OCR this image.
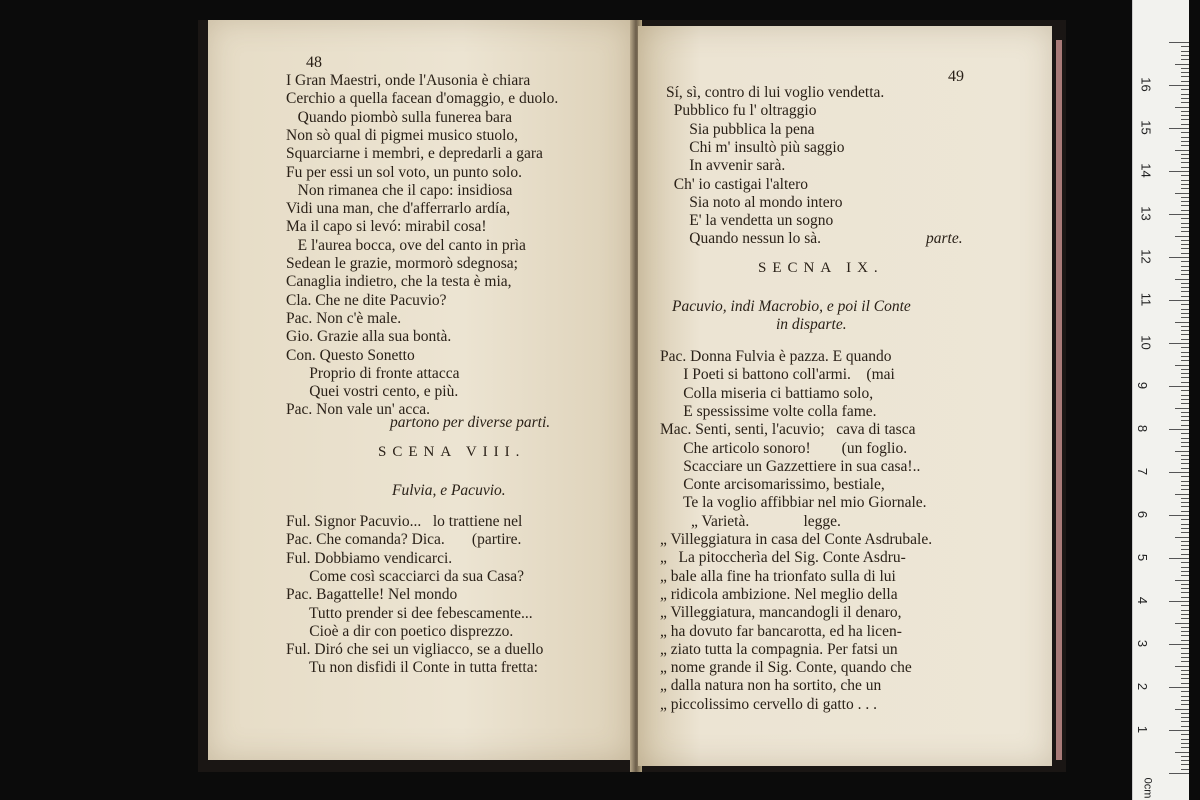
48
I Gran Maestri, onde l'Ausonia è chiara
Cerchio a quella facean d'omaggio, e duolo.
Quando piombò sulla funerea bara
Non sò qual di pigmei musico stuolo,
Squarciarne i membri, e depredarli a gara
Fu per essi un sol voto, un punto solo.
Non rimanea che il capo: insidiosa
Vidi una man, che d'afferrarlo ardía,
Ma il capo si levó: mirabil cosa!
E l'aurea bocca, ove del canto in prìa
Sedean le grazie, mormorò sdegnosa;
Canaglia indietro, che la testa è mia,
Cla. Che ne dite Pacuvio?
Pac. Non c'è male.
Gio. Grazie alla sua bontà.
Con. Questo Sonetto
Proprio di fronte attacca
Quei vostri cento, e più.
Pac. Non vale un' acca.
partono per diverse parti.
SCENA VIII.
Fulvia, e Pacuvio.
Ful. Signor Pacuvio...   lo trattiene nel
Pac. Che comanda? Dica.       (partire.
Ful. Dobbiamo vendicarci.
Come così scacciarci da sua Casa?
Pac. Bagattelle! Nel mondo
Tutto prender si dee febescamente...
Cioè a dir con poetico disprezzo.
Ful. Diró che sei un vigliacco, se a duello
Tu non disfidi il Conte in tutta fretta:
49
Sí, sì, contro di lui voglio vendetta.
Pubblico fu l' oltraggio
Sia pubblica la pena
Chi m' insultò più saggio
In avvenir sarà.
Ch' io castigai l'altero
Sia noto al mondo intero
E' la vendetta un sogno
Quando nessun lo sà.	partе.
SECNA IX.
Pacuvio, indi Macrobio, e poi il Conte
in disparte.
Pac. Donna Fulvia è pazza. E quando
I Poeti si battono coll'armi.    (mai
Colla miseria ci battiamo solo,
E spessissime volte colla fame.
Mac. Senti, senti, l'acuvio;   cava di tasca
Che articolo sonoro!        (un foglio.
Scacciare un Gazzettiere in sua casa!..
Conte arcisomarissimo, bestiale,
Te la voglio affibbiar nel mio Giornale.
„ Varietà.              legge.
„ Villeggiatura in casa del Conte Asdrubale.
„   La pitoccherìa del Sig. Conte Asdru-
„ bale alla fine ha trionfato sulla di lui
„ ridicola ambizione. Nel meglio della
„ Villeggiatura, mancandogli il denaro,
„ ha dovuto far bancarotta, ed ha licen-
„ ziato tutta la compagnia. Per fatsi un
„ nome grande il Sig. Conte, quando che
„ dalla natura non ha sortito, che un
„ piccolissimo cervello di gatto . . .
0cm
16
15
14
13
12
11
10
9
8
7
6
5
4
3
2
1
